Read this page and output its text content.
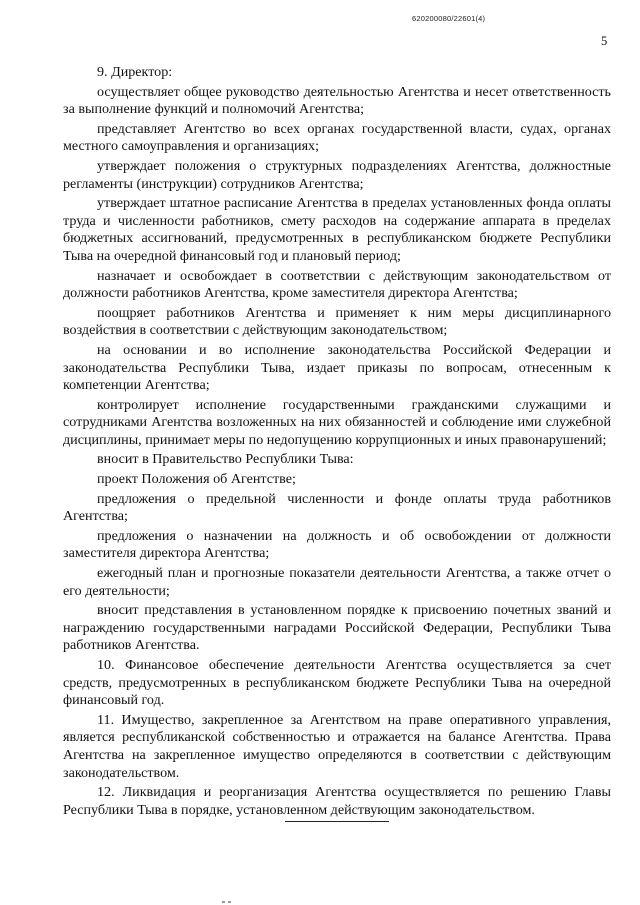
620200080/22601(4)
5

9. Директор:

осуществляет общее руководство деятельностью Агентства и несет ответственность за выполнение функций и полномочий Агентства;

представляет Агентство во всех органах государственной власти, судах, органах местного самоуправления и организациях;

утверждает положения о структурных подразделениях Агентства, должностные регламенты (инструкции) сотрудников Агентства;

утверждает штатное расписание Агентства в пределах установленных фонда оплаты труда и численности работников, смету расходов на содержание аппарата в пределах бюджетных ассигнований, предусмотренных в республиканском бюджете Республики Тыва на очередной финансовый год и плановый период;

назначает и освобождает в соответствии с действующим законодательством от должности работников Агентства, кроме заместителя директора Агентства;

поощряет работников Агентства и применяет к ним меры дисциплинарного воздействия в соответствии с действующим законодательством;

на основании и во исполнение законодательства Российской Федерации и законодательства Республики Тыва, издает приказы по вопросам, отнесенным к компетенции Агентства;

контролирует исполнение государственными гражданскими служащими и сотрудниками Агентства возложенных на них обязанностей и соблюдение ими служебной дисциплины, принимает меры по недопущению коррупционных и иных правонарушений;

вносит в Правительство Республики Тыва:

проект Положения об Агентстве;

предложения о предельной численности и фонде оплаты труда работников Агентства;

предложения о назначении на должность и об освобождении от должности заместителя директора Агентства;

ежегодный план и прогнозные показатели деятельности Агентства, а также отчет о его деятельности;

вносит представления в установленном порядке к присвоению почетных званий и награждению государственными наградами Российской Федерации, Республики Тыва работников Агентства.

10. Финансовое обеспечение деятельности Агентства осуществляется за счет средств, предусмотренных в республиканском бюджете Республики Тыва на очередной финансовый год.

11. Имущество, закрепленное за Агентством на праве оперативного управления, является республиканской собственностью и отражается на балансе Агентства. Права Агентства на закрепленное имущество определяются в соответствии с действующим законодательством.

12. Ликвидация и реорганизация Агентства осуществляется по решению Главы Республики Тыва в порядке, установленном действующим законодательством.
